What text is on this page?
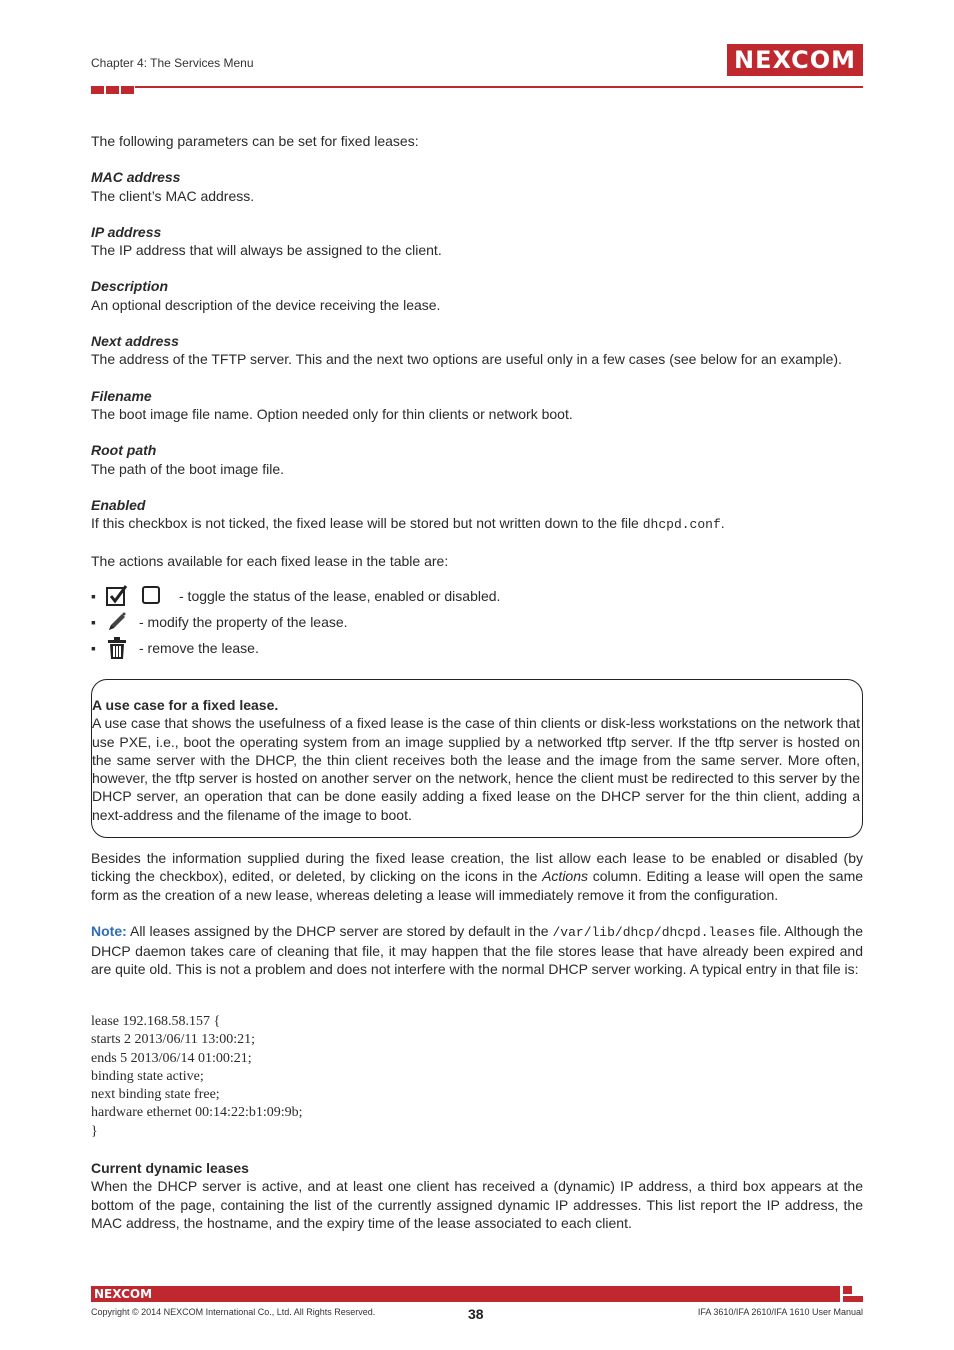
Chapter 4: The Services Menu	NEXCOM
The following parameters can be set for fixed leases:
MAC address
The client’s MAC address.
IP address
The IP address that will always be assigned to the client.
Description
An optional description of the device receiving the lease.
Next address
The address of the TFTP server. This and the next two options are useful only in a few cases (see below for an example).
Filename
The boot image file name. Option needed only for thin clients or network boot.
Root path
The path of the boot image file.
Enabled
If this checkbox is not ticked, the fixed lease will be stored but not written down to the file dhcpd.conf.
The actions available for each fixed lease in the table are:
▪	- toggle the status of the lease, enabled or disabled.
▪	- modify the property of the lease.
▪	- remove the lease.
A use case for a fixed lease.
A use case that shows the usefulness of a fixed lease is the case of thin clients or disk-less workstations on the network that use PXE, i.e., boot the operating system from an image supplied by a networked tftp server. If the tftp server is hosted on the same server with the DHCP, the thin client receives both the lease and the image from the same server. More often, however, the tftp server is hosted on another server on the network, hence the client must be redirected to this server by the DHCP server, an operation that can be done easily adding a fixed lease on the DHCP server for the thin client, adding a next-address and the filename of the image to boot.
Besides the information supplied during the fixed lease creation, the list allow each lease to be enabled or disabled (by ticking the checkbox), edited, or deleted, by clicking on the icons in the Actions column. Editing a lease will open the same form as the creation of a new lease, whereas deleting a lease will immediately remove it from the configuration.
Note: All leases assigned by the DHCP server are stored by default in the /var/lib/dhcp/dhcpd.leases file. Although the DHCP daemon takes care of cleaning that file, it may happen that the file stores lease that have already been expired and are quite old. This is not a problem and does not interfere with the normal DHCP server working. A typical entry in that file is:
lease 192.168.58.157 {
starts 2 2013/06/11 13:00:21;
ends 5 2013/06/14 01:00:21;
binding state active;
next binding state free;
hardware ethernet 00:14:22:b1:09:9b;
}
Current dynamic leases
When the DHCP server is active, and at least one client has received a (dynamic) IP address, a third box appears at the bottom of the page, containing the list of the currently assigned dynamic IP addresses. This list report the IP address, the MAC address, the hostname, and the expiry time of the lease associated to each client.
NEXCOM
Copyright © 2014 NEXCOM International Co., Ltd. All Rights Reserved.	38	IFA 3610/IFA 2610/IFA 1610 User Manual
